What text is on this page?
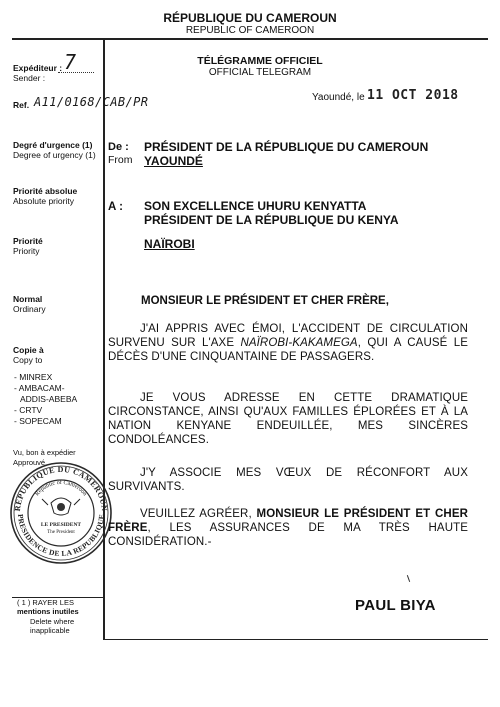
RÉPUBLIQUE DU CAMEROUN
REPUBLIC OF CAMEROON
TÉLÉGRAMME OFFICIEL
OFFICIAL TELEGRAM
Expéditeur :
Sender :
7
Ref. A11/0168/CAB/PR
Degré d'urgence (1)
Degree of urgency (1)
Priorité absolue
Absolute priority
Priorité
Priority
Normal
Ordinary
Copie à
Copy to
- MINREX
- AMBACAM-
ADDIS-ABEBA
- CRTV
- SOPECAM
Vu, bon à expédier
Approuvé
REPUBLIQUE DU CAMEROUN
Republic of Cameroon
PRESIDENCE DE LA REPUBLIQUE
LE PRESIDENT
The President
( 1 ) RAYER LES
mentions inutiles
Delete where
inapplicable
Yaoundé, le 11 OCT 2018
De :
From
PRÉSIDENT DE LA RÉPUBLIQUE DU CAMEROUN
YAOUNDÉ
A : SON EXCELLENCE UHURU KENYATTA
PRÉSIDENT DE LA RÉPUBLIQUE DU KENYA
NAÏROBI
MONSIEUR LE PRÉSIDENT ET CHER FRÈRE,
J'AI APPRIS AVEC ÉMOI, L'ACCIDENT DE CIRCULATION SURVENU SUR L'AXE NAÏROBI-KAKAMEGA, QUI A CAUSÉ LE DÉCÈS D'UNE CINQUANTAINE DE PASSAGERS.
JE VOUS ADRESSE EN CETTE DRAMATIQUE CIRCONSTANCE, AINSI QU'AUX FAMILLES ÉPLORÉES ET À LA NATION KENYANE ENDEUILLÉE, MES SINCÈRES CONDOLÉANCES.
J'Y ASSOCIE MES VŒUX DE RÉCONFORT AUX SURVIVANTS.
VEUILLEZ AGRÉER, MONSIEUR LE PRÉSIDENT ET CHER FRÈRE, LES ASSURANCES DE MA TRÈS HAUTE CONSIDÉRATION.-
PAUL BIYA
